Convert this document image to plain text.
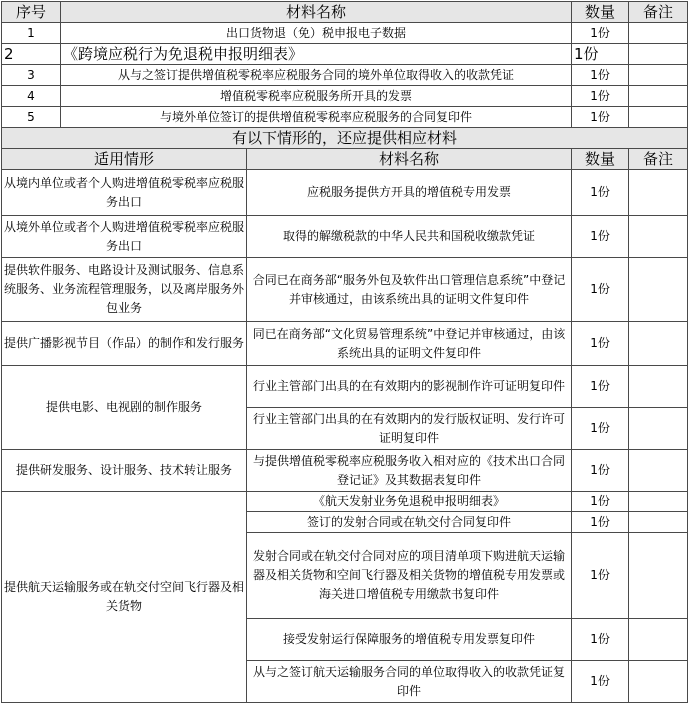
序号	材料名称		数量	备注
1	出口货物退（免）税申报电子数据		1份	
2	《跨境应税行为免退税申报明细表》		1份	
3	从与之签订提供增值税零税率应税服务合同的境外单位取得收入的收款凭证		1份	
4	增值税零税率应税服务所开具的发票		1份	
5	与境外单位签订的提供增值税零税率应税服务的合同复印件		1份	
有以下情形的，还应提供相应材料				
适用情形		材料名称	数量	备注
从境内单位或者个人购进增值税零税率应税服务出口		应税服务提供方开具的增值税专用发票	1份	
从境外单位或者个人购进增值税零税率应税服务出口		取得的解缴税款的中华人民共和国税收缴款凭证	1份	
提供软件服务、电路设计及测试服务、信息系统服务、业务流程管理服务，以及离岸服务外包业务		合同已在商务部“服务外包及软件出口管理信息系统”中登记并审核通过，由该系统出具的证明文件复印件	1份	
提供广播影视节目（作品）的制作和发行服务		同已在商务部“文化贸易管理系统”中登记并审核通过，由该系统出具的证明文件复印件	1份	
提供电影、电视剧的制作服务		行业主管部门出具的在有效期内的影视制作许可证明复印件	1份	
		行业主管部门出具的在有效期内的发行版权证明、发行许可证明复印件	1份	
提供研发服务、设计服务、技术转让服务		与提供增值税零税率应税服务收入相对应的《技术出口合同登记证》及其数据表复印件	1份	
提供航天运输服务或在轨交付空间飞行器及相关货物		《航天发射业务免退税申报明细表》	1份	
		签订的发射合同或在轨交付合同复印件	1份	
		发射合同或在轨交付合同对应的项目清单项下购进航天运输器及相关货物和空间飞行器及相关货物的增值税专用发票或海关进口增值税专用缴款书复印件	1份	
		接受发射运行保障服务的增值税专用发票复印件	1份	
		从与之签订航天运输服务合同的单位取得收入的收款凭证复印件	1份	
